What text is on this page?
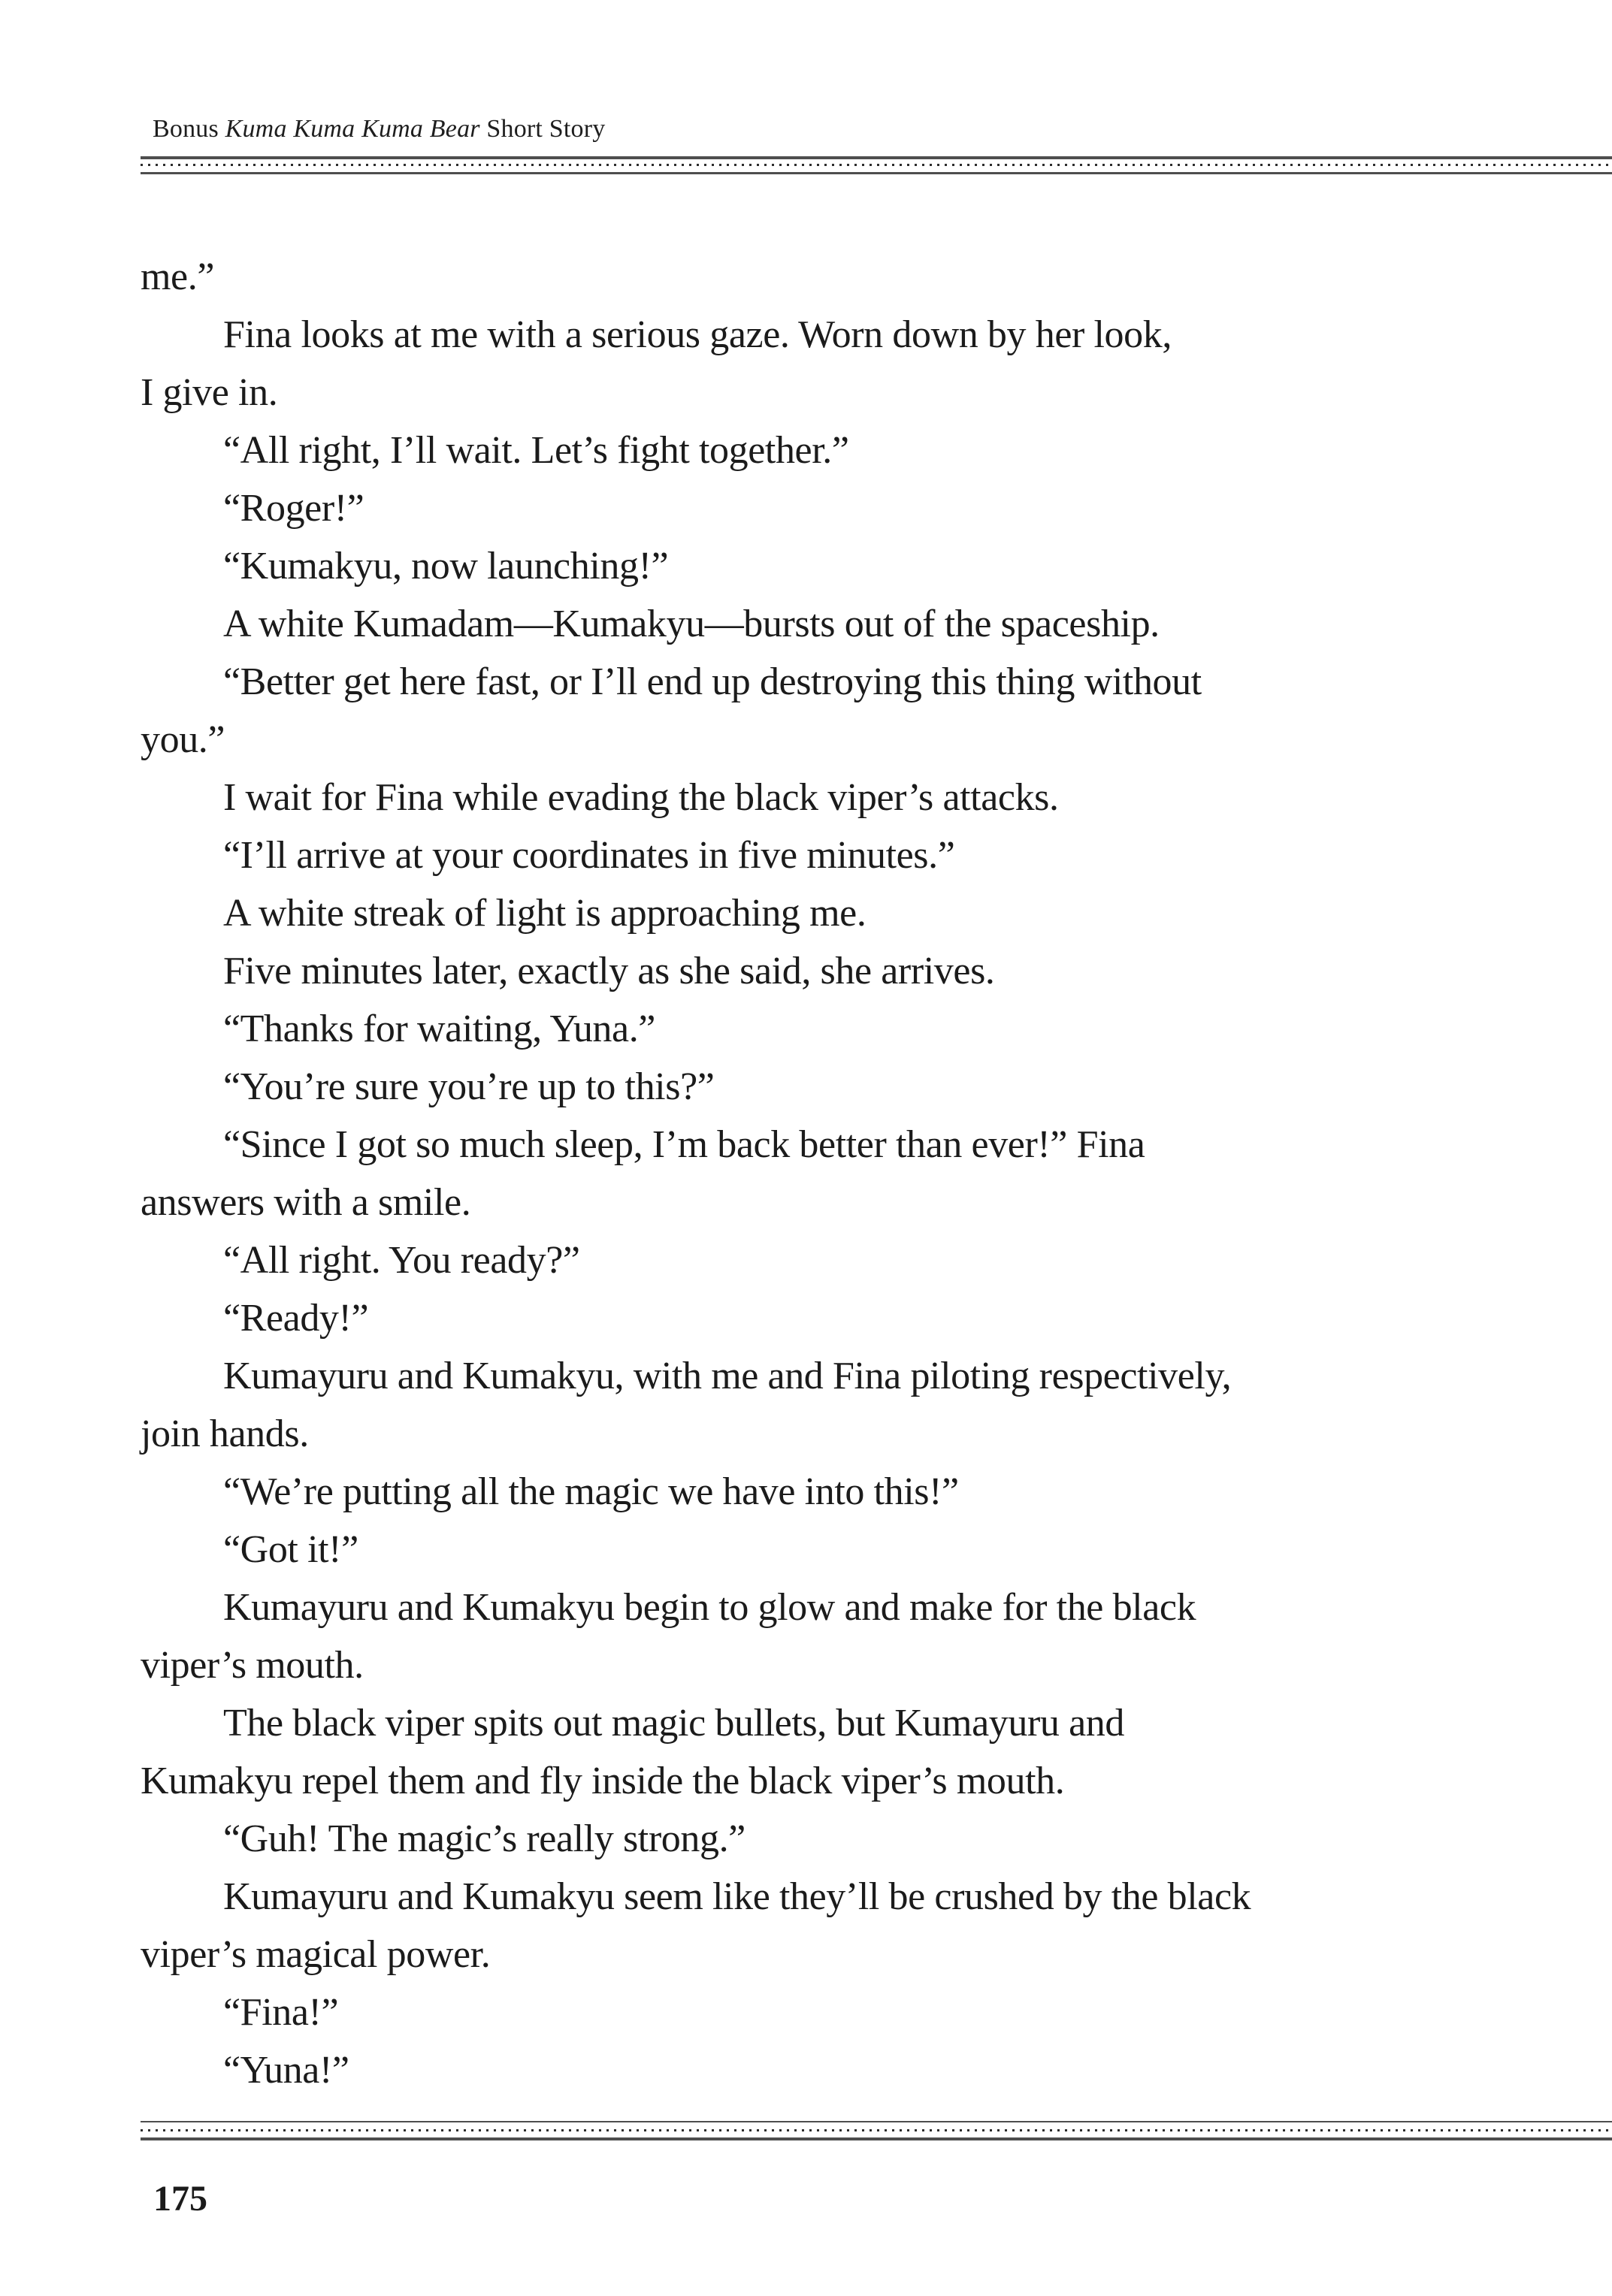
Bonus Kuma Kuma Kuma Bear Short Story
me.”
Fina looks at me with a serious gaze. Worn down by her look,
I give in.
“All right, I’ll wait. Let’s fight together.”
“Roger!”
“Kumakyu, now launching!”
A white Kumadam—Kumakyu—bursts out of the spaceship.
“Better get here fast, or I’ll end up destroying this thing without
you.”
I wait for Fina while evading the black viper’s attacks.
“I’ll arrive at your coordinates in five minutes.”
A white streak of light is approaching me.
Five minutes later, exactly as she said, she arrives.
“Thanks for waiting, Yuna.”
“You’re sure you’re up to this?”
“Since I got so much sleep, I’m back better than ever!” Fina
answers with a smile.
“All right. You ready?”
“Ready!”
Kumayuru and Kumakyu, with me and Fina piloting respectively,
join hands.
“We’re putting all the magic we have into this!”
“Got it!”
Kumayuru and Kumakyu begin to glow and make for the black
viper’s mouth.
The black viper spits out magic bullets, but Kumayuru and
Kumakyu repel them and fly inside the black viper’s mouth.
“Guh! The magic’s really strong.”
Kumayuru and Kumakyu seem like they’ll be crushed by the black
viper’s magical power.
“Fina!”
“Yuna!”
175
